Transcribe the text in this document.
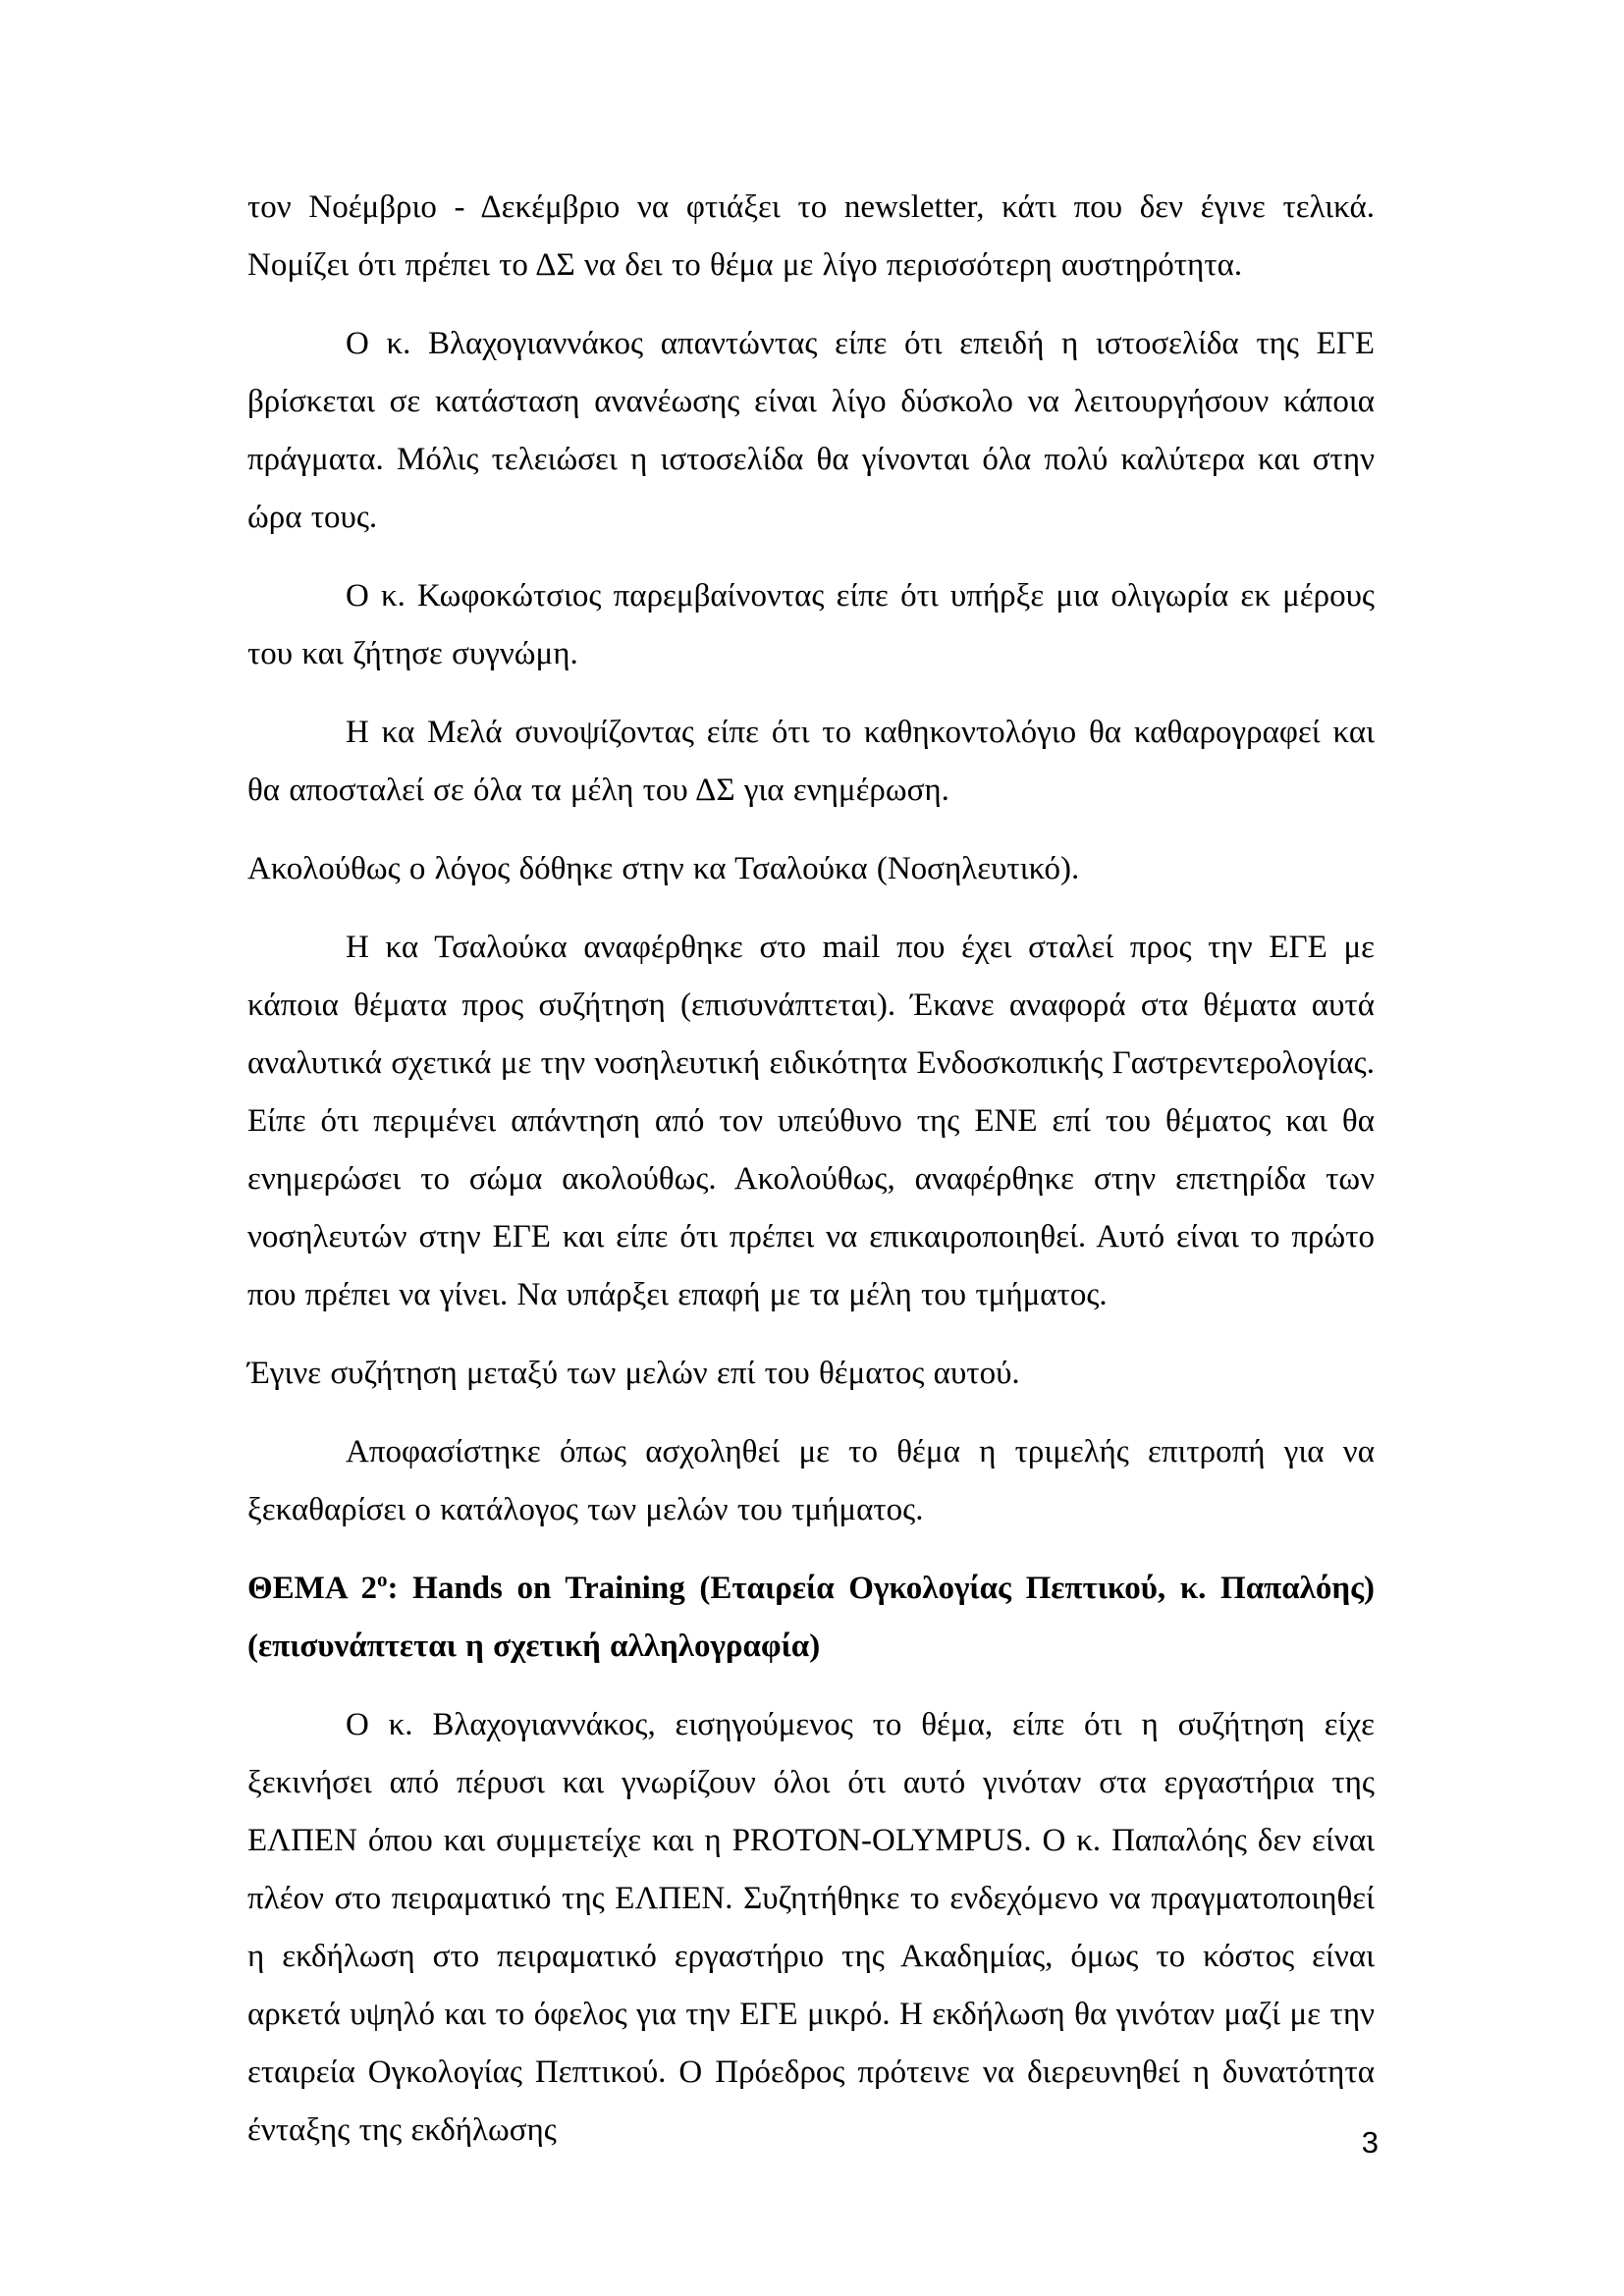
τον Νοέμβριο - Δεκέμβριο να φτιάξει το newsletter, κάτι που δεν έγινε τελικά. Νομίζει ότι πρέπει το ΔΣ να δει το θέμα με λίγο περισσότερη αυστηρότητα.

Ο κ. Βλαχογιαννάκος απαντώντας είπε ότι επειδή η ιστοσελίδα της ΕΓΕ βρίσκεται σε κατάσταση ανανέωσης είναι λίγο δύσκολο να λειτουργήσουν κάποια πράγματα. Μόλις τελειώσει η ιστοσελίδα θα γίνονται όλα πολύ καλύτερα και στην ώρα τους.

Ο κ. Κωφοκώτσιος παρεμβαίνοντας είπε ότι υπήρξε μια ολιγωρία εκ μέρους του και ζήτησε συγνώμη.

Η κα Μελά συνοψίζοντας είπε ότι το καθηκοντολόγιο θα καθαρογραφεί και θα αποσταλεί σε όλα τα μέλη του ΔΣ για ενημέρωση.

Ακολούθως ο λόγος δόθηκε στην κα Τσαλούκα (Νοσηλευτικό).

Η κα Τσαλούκα αναφέρθηκε στο mail που έχει σταλεί προς την ΕΓΕ με κάποια θέματα προς συζήτηση (επισυνάπτεται). Έκανε αναφορά στα θέματα αυτά αναλυτικά σχετικά με την νοσηλευτική ειδικότητα Ενδοσκοπικής Γαστρεντερολογίας. Είπε ότι περιμένει απάντηση από τον υπεύθυνο της ΕΝΕ επί του θέματος και θα ενημερώσει το σώμα ακολούθως. Ακολούθως, αναφέρθηκε στην επετηρίδα των νοσηλευτών στην ΕΓΕ και είπε ότι πρέπει να επικαιροποιηθεί. Αυτό είναι το πρώτο που πρέπει να γίνει. Να υπάρξει επαφή με τα μέλη του τμήματος.

Έγινε συζήτηση μεταξύ των μελών επί του θέματος αυτού.

Αποφασίστηκε όπως ασχοληθεί με το θέμα η τριμελής επιτροπή για να ξεκαθαρίσει ο κατάλογος των μελών του τμήματος.

ΘΕΜΑ $2^o$: Hands on Training (Εταιρεία Ογκολογίας Πεπτικού, κ. Παπαλόης) (επισυνάπτεται η σχετική αλληλογραφία)

Ο κ. Βλαχογιαννάκος, εισηγούμενος το θέμα, είπε ότι η συζήτηση είχε ξεκινήσει από πέρυσι και γνωρίζουν όλοι ότι αυτό γινόταν στα εργαστήρια της ΕΛΠΕΝ όπου και συμμετείχε και η PROTON-OLYMPUS. Ο κ. Παπαλόης δεν είναι πλέον στο πειραματικό της ΕΛΠΕΝ. Συζητήθηκε το ενδεχόμενο να πραγματοποιηθεί η εκδήλωση στο πειραματικό εργαστήριο της Ακαδημίας, όμως το κόστος είναι αρκετά υψηλό και το όφελος για την ΕΓΕ μικρό. Η εκδήλωση θα γινόταν μαζί με την εταιρεία Ογκολογίας Πεπτικού. Ο Πρόεδρος πρότεινε να διερευνηθεί η δυνατότητα ένταξης της εκδήλωσης	3
